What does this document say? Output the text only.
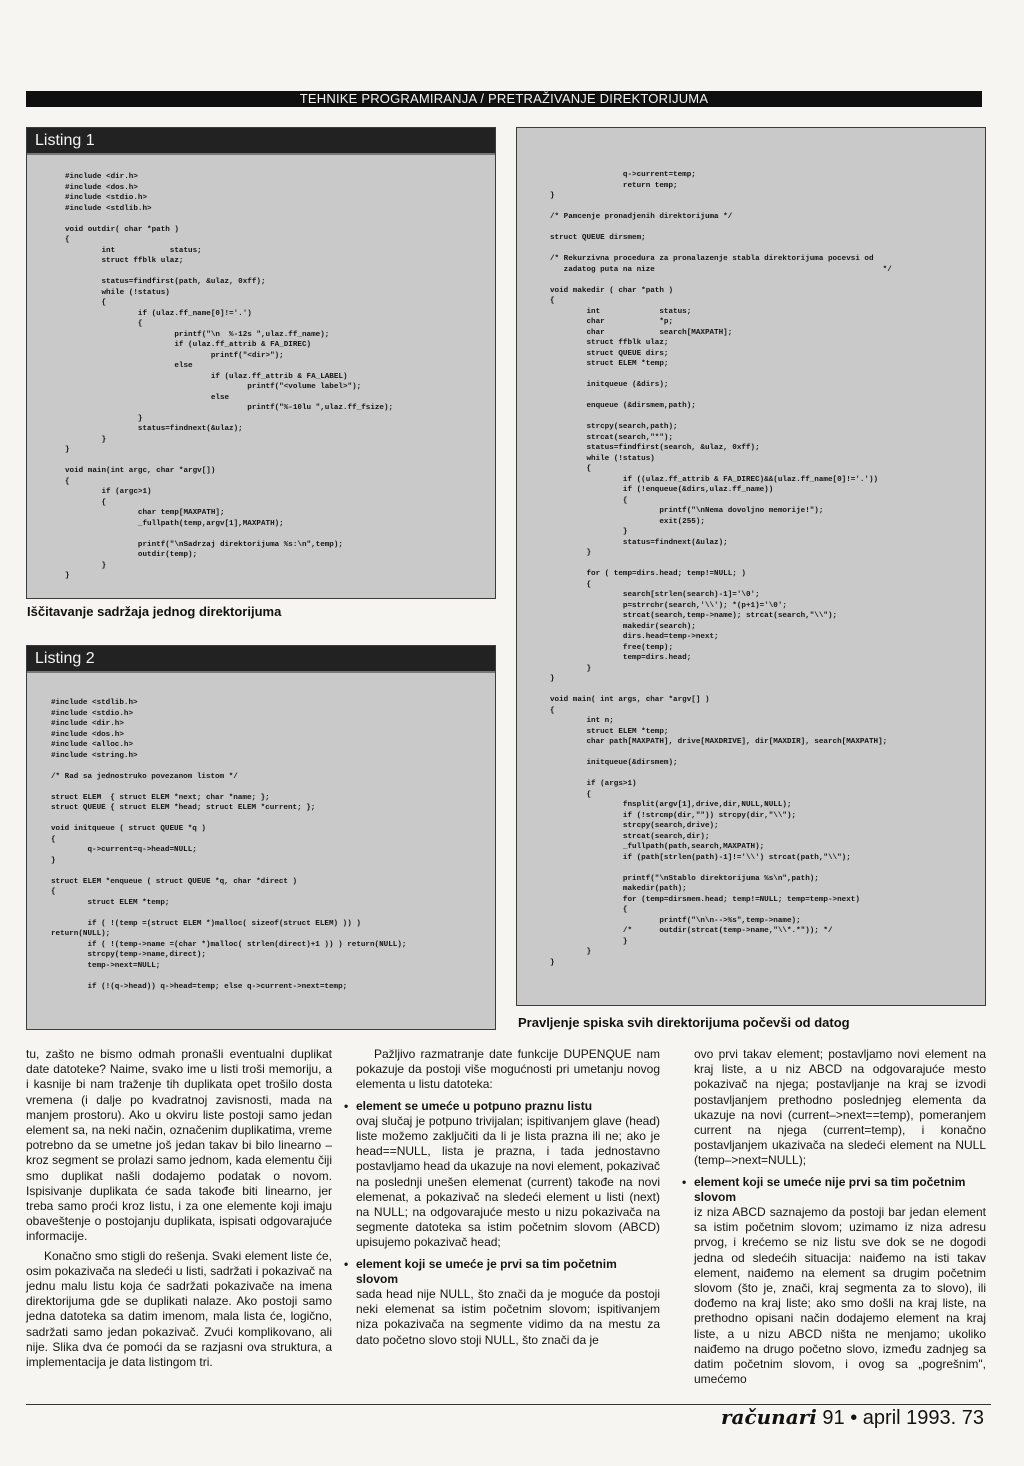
TEHNIKE PROGRAMIRANJA / PRETRAŽIVANJE DIREKTORIJUMA
Listing 1
#include <dir.h>
#include <dos.h>
#include <stdio.h>
#include <stdlib.h>

void outdir( char *path )
{
int            status;
struct ffblk ulaz;

status=findfirst(path, &ulaz, 0xff);
while (!status)
{
if (ulaz.ff_name[0]!='.')
{
printf("\n  %-12s ",ulaz.ff_name);
if (ulaz.ff_attrib & FA_DIREC)
printf("<dir>");
else
if (ulaz.ff_attrib & FA_LABEL)
printf("<volume label>");
else
printf("%-10lu ",ulaz.ff_fsize);
}
status=findnext(&ulaz);
}
}

void main(int argc, char *argv[])
{
if (argc>1)
{
char temp[MAXPATH];
_fullpath(temp,argv[1],MAXPATH);

printf("\nSadrzaj direktorijuma %s:\n",temp);
outdir(temp);
}
}
Iščitavanje sadržaja jednog direktorijuma
Listing 2
#include <stdlib.h>
#include <stdio.h>
#include <dir.h>
#include <dos.h>
#include <alloc.h>
#include <string.h>

/* Rad sa jednostruko povezanom listom */

struct ELEM  { struct ELEM *next; char *name; };
struct QUEUE { struct ELEM *head; struct ELEM *current; };

void initqueue ( struct QUEUE *q )
{
q->current=q->head=NULL;
}

struct ELEM *enqueue ( struct QUEUE *q, char *direct )
{
struct ELEM *temp;

if ( !(temp =(struct ELEM *)malloc( sizeof(struct ELEM) )) )
return(NULL);
if ( !(temp->name =(char *)malloc( strlen(direct)+1 )) ) return(NULL);
strcpy(temp->name,direct);
temp->next=NULL;

if (!(q->head)) q->head=temp; else q->current->next=temp;
q->current=temp;
return temp;
}

/* Pamcenje pronadjenih direktorijuma */

struct QUEUE dirsmem;

/* Rekurzivna procedura za pronalazenje stabla direktorijuma pocevsi od
zadatog puta na nize                                                  */

void makedir ( char *path )
{
int             status;
char            *p;
char            search[MAXPATH];
struct ffblk ulaz;
struct QUEUE dirs;
struct ELEM *temp;

initqueue (&dirs);

enqueue (&dirsmem,path);

strcpy(search,path);
strcat(search,"*");
status=findfirst(search, &ulaz, 0xff);
while (!status)
{
if ((ulaz.ff_attrib & FA_DIREC)&&(ulaz.ff_name[0]!='.'))
if (!enqueue(&dirs,ulaz.ff_name))
{
printf("\nNema dovoljno memorije!");
exit(255);
}
status=findnext(&ulaz);
}

for ( temp=dirs.head; temp!=NULL; )
{
search[strlen(search)-1]='\0';
p=strrchr(search,'\\'); *(p+1)='\0';
strcat(search,temp->name); strcat(search,"\\");
makedir(search);
dirs.head=temp->next;
free(temp);
temp=dirs.head;
}
}

void main( int args, char *argv[] )
{
int n;
struct ELEM *temp;
char path[MAXPATH], drive[MAXDRIVE], dir[MAXDIR], search[MAXPATH];

initqueue(&dirsmem);

if (args>1)
{
fnsplit(argv[1],drive,dir,NULL,NULL);
if (!strcmp(dir,"")) strcpy(dir,"\\");
strcpy(search,drive);
strcat(search,dir);
_fullpath(path,search,MAXPATH);
if (path[strlen(path)-1]!='\\') strcat(path,"\\");

printf("\nStablo direktorijuma %s\n",path);
makedir(path);
for (temp=dirsmem.head; temp!=NULL; temp=temp->next)
{
printf("\n\n-->%s",temp->name);
/*      outdir(strcat(temp->name,"\\*.*")); */
}
}
}
Pravljenje spiska svih direktorijuma počevši od datog

tu, zašto ne bismo odmah pronašli eventualni duplikat date datoteke? Naime, svako ime u listi troši memoriju, a i kasnije bi nam traženje tih duplikata opet trošilo dosta vremena (i dalje po kvadratnoj zavisnosti, mada na manjem prostoru). Ako u okviru liste postoji samo jedan element sa, na neki način, označenim duplikatima, vreme potrebno da se umetne još jedan takav bi bilo linearno – kroz segment se prolazi samo jednom, kada elementu čiji smo duplikat našli dodajemo podatak o novom. Ispisivanje duplikata će sada takođe biti linearno, jer treba samo proći kroz listu, i za one elemente koji imaju obaveštenje o postojanju duplikata, ispisati odgovarajuće informacije.

Konačno smo stigli do rešenja. Svaki element liste će, osim pokazivača na sledeći u listi, sadržati i pokazivač na jednu malu listu koja će sadržati pokazivače na imena direktorijuma gde se duplikati nalaze. Ako postoji samo jedna datoteka sa datim imenom, mala lista će, logično, sadržati samo jedan pokazivač. Zvući komplikovano, ali nije. Slika dva će pomoći da se razjasni ova struktura, a implementacija je data listingom tri.

Pažljivo razmatranje date funkcije DUPENQUE nam pokazuje da postoji više mogućnosti pri umetanju novog elementa u listu datoteka:

• element se umeće u potpuno praznu listu

ovaj slučaj je potpuno trivijalan; ispitivanjem glave (head) liste možemo zaključiti da li je lista prazna ili ne; ako je head==NULL, lista je prazna, i tada jednostavno postavljamo head da ukazuje na novi element, pokazivač na poslednji unešen elemenat (current) takođe na novi elemenat, a pokazivač na sledeći element u listi (next) na NULL; na odgovarajuće mesto u nizu pokazivača na segmente datoteka sa istim početnim slovom (ABCD) upisujemo pokazivač head;

• element koji se umeće je prvi sa tim početnim slovom

sada head nije NULL, što znači da je moguće da postoji neki elemenat sa istim početnim slovom; ispitivanjem niza pokazivača na segmente vidimo da na mestu za dato početno slovo stoji NULL, što znači da je

ovo prvi takav element; postavljamo novi element na kraj liste, a u niz ABCD na odgovarajuće mesto pokazivač na njega; postavljanje na kraj se izvodi postavljanjem prethodno poslednjeg elementa da ukazuje na novi (current–>next==temp), pomeranjem current na njega (current=temp), i konačno postavljanjem ukazivača na sledeći element na NULL (temp–>next=NULL);

• element koji se umeće nije prvi sa tim početnim slovom

iz niza ABCD saznajemo da postoji bar jedan element sa istim početnim slovom; uzimamo iz niza adresu prvog, i krećemo se niz listu sve dok se ne dogodi jedna od sledećih situacija: naiđemo na isti takav element, naiđemo na element sa drugim početnim slovom (što je, znači, kraj segmenta za to slovo), ili dođemo na kraj liste; ako smo došli na kraj liste, na prethodno opisani način dodajemo element na kraj liste, a u nizu ABCD ništa ne menjamo; ukoliko naiđemo na drugo početno slovo, između zadnjeg sa datim početnim slovom, i ovog sa „pogrešnim", umećemo

računari 91 • april 1993. 73
